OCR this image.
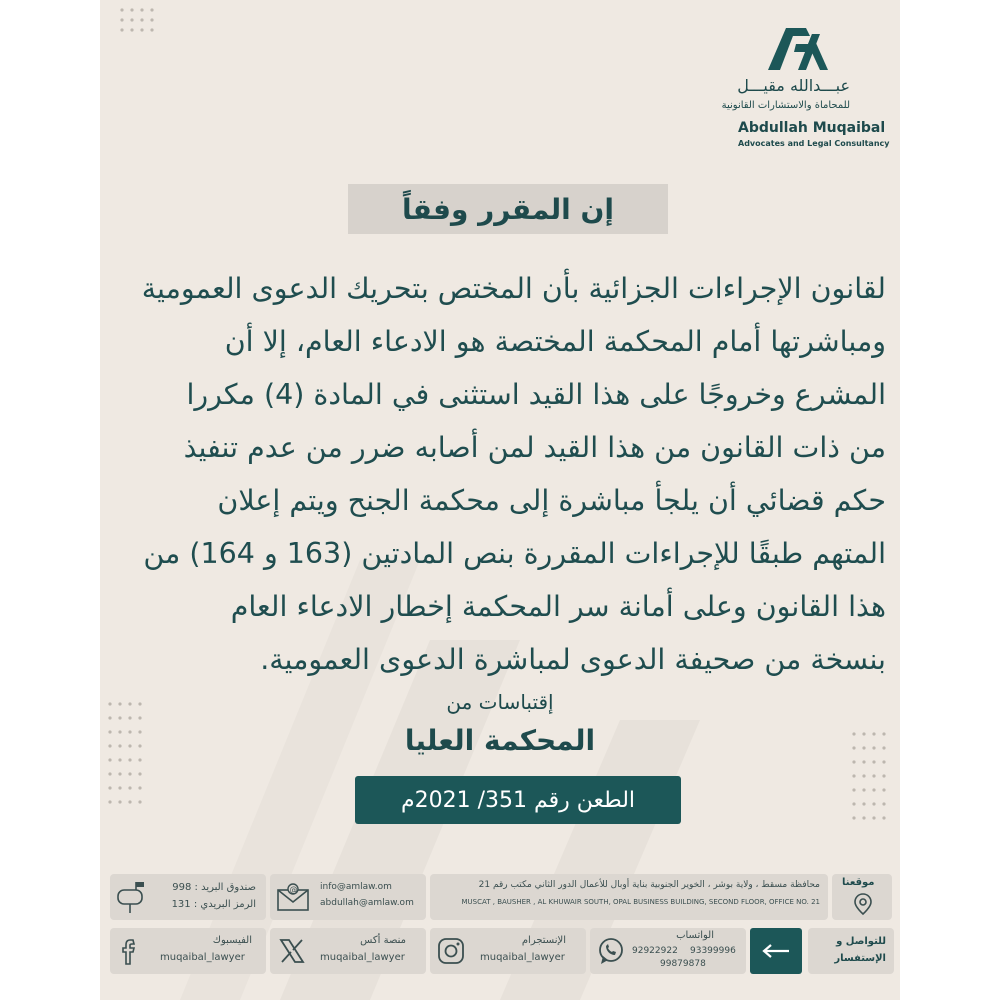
عبـــدالله مقيـــل
للمحاماة والاستشارات القانونية
Abdullah Muqaibal
Advocates and Legal Consultancy
إن المقرر وفقاً
لقانون الإجراءات الجزائية بأن المختص بتحريك الدعوى العمومية
ومباشرتها أمام المحكمة المختصة هو الادعاء العام، إلا أن
المشرع وخروجًا على هذا القيد استثنى في المادة (4) مكررا
من ذات القانون من هذا القيد لمن أصابه ضرر من عدم تنفيذ
حكم قضائي أن يلجأ مباشرة إلى محكمة الجنح ويتم إعلان
المتهم طبقًا للإجراءات المقررة بنص المادتين (163 و 164) من
هذا القانون وعلى أمانة سر المحكمة إخطار الادعاء العام
بنسخة من صحيفة الدعوى لمباشرة الدعوى العمومية.
إقتباسات من
المحكمة العليا
الطعن رقم 351/ 2021م
موقعنا
محافظة مسقط ، ولاية بوشر ، الخوير الجنوبية بناية أوبال للأعمال الدور الثاني مكتب رقم 21
MUSCAT , BAUSHER , AL KHUWAIR SOUTH, OPAL BUSINESS BUILDING, SECOND FLOOR, OFFICE NO. 21
@ info@amlaw.om
abdullah@amlaw.om
صندوق البريد : 998
الرمز البريدي : 131
للتواصل و
الإستفسار
الواتساب
92922922 93399996
99879878
الإنستجرام
muqaibal_lawyer
منصة أكس
muqaibal_lawyer
الفيسبوك
muqaibal_lawyer
